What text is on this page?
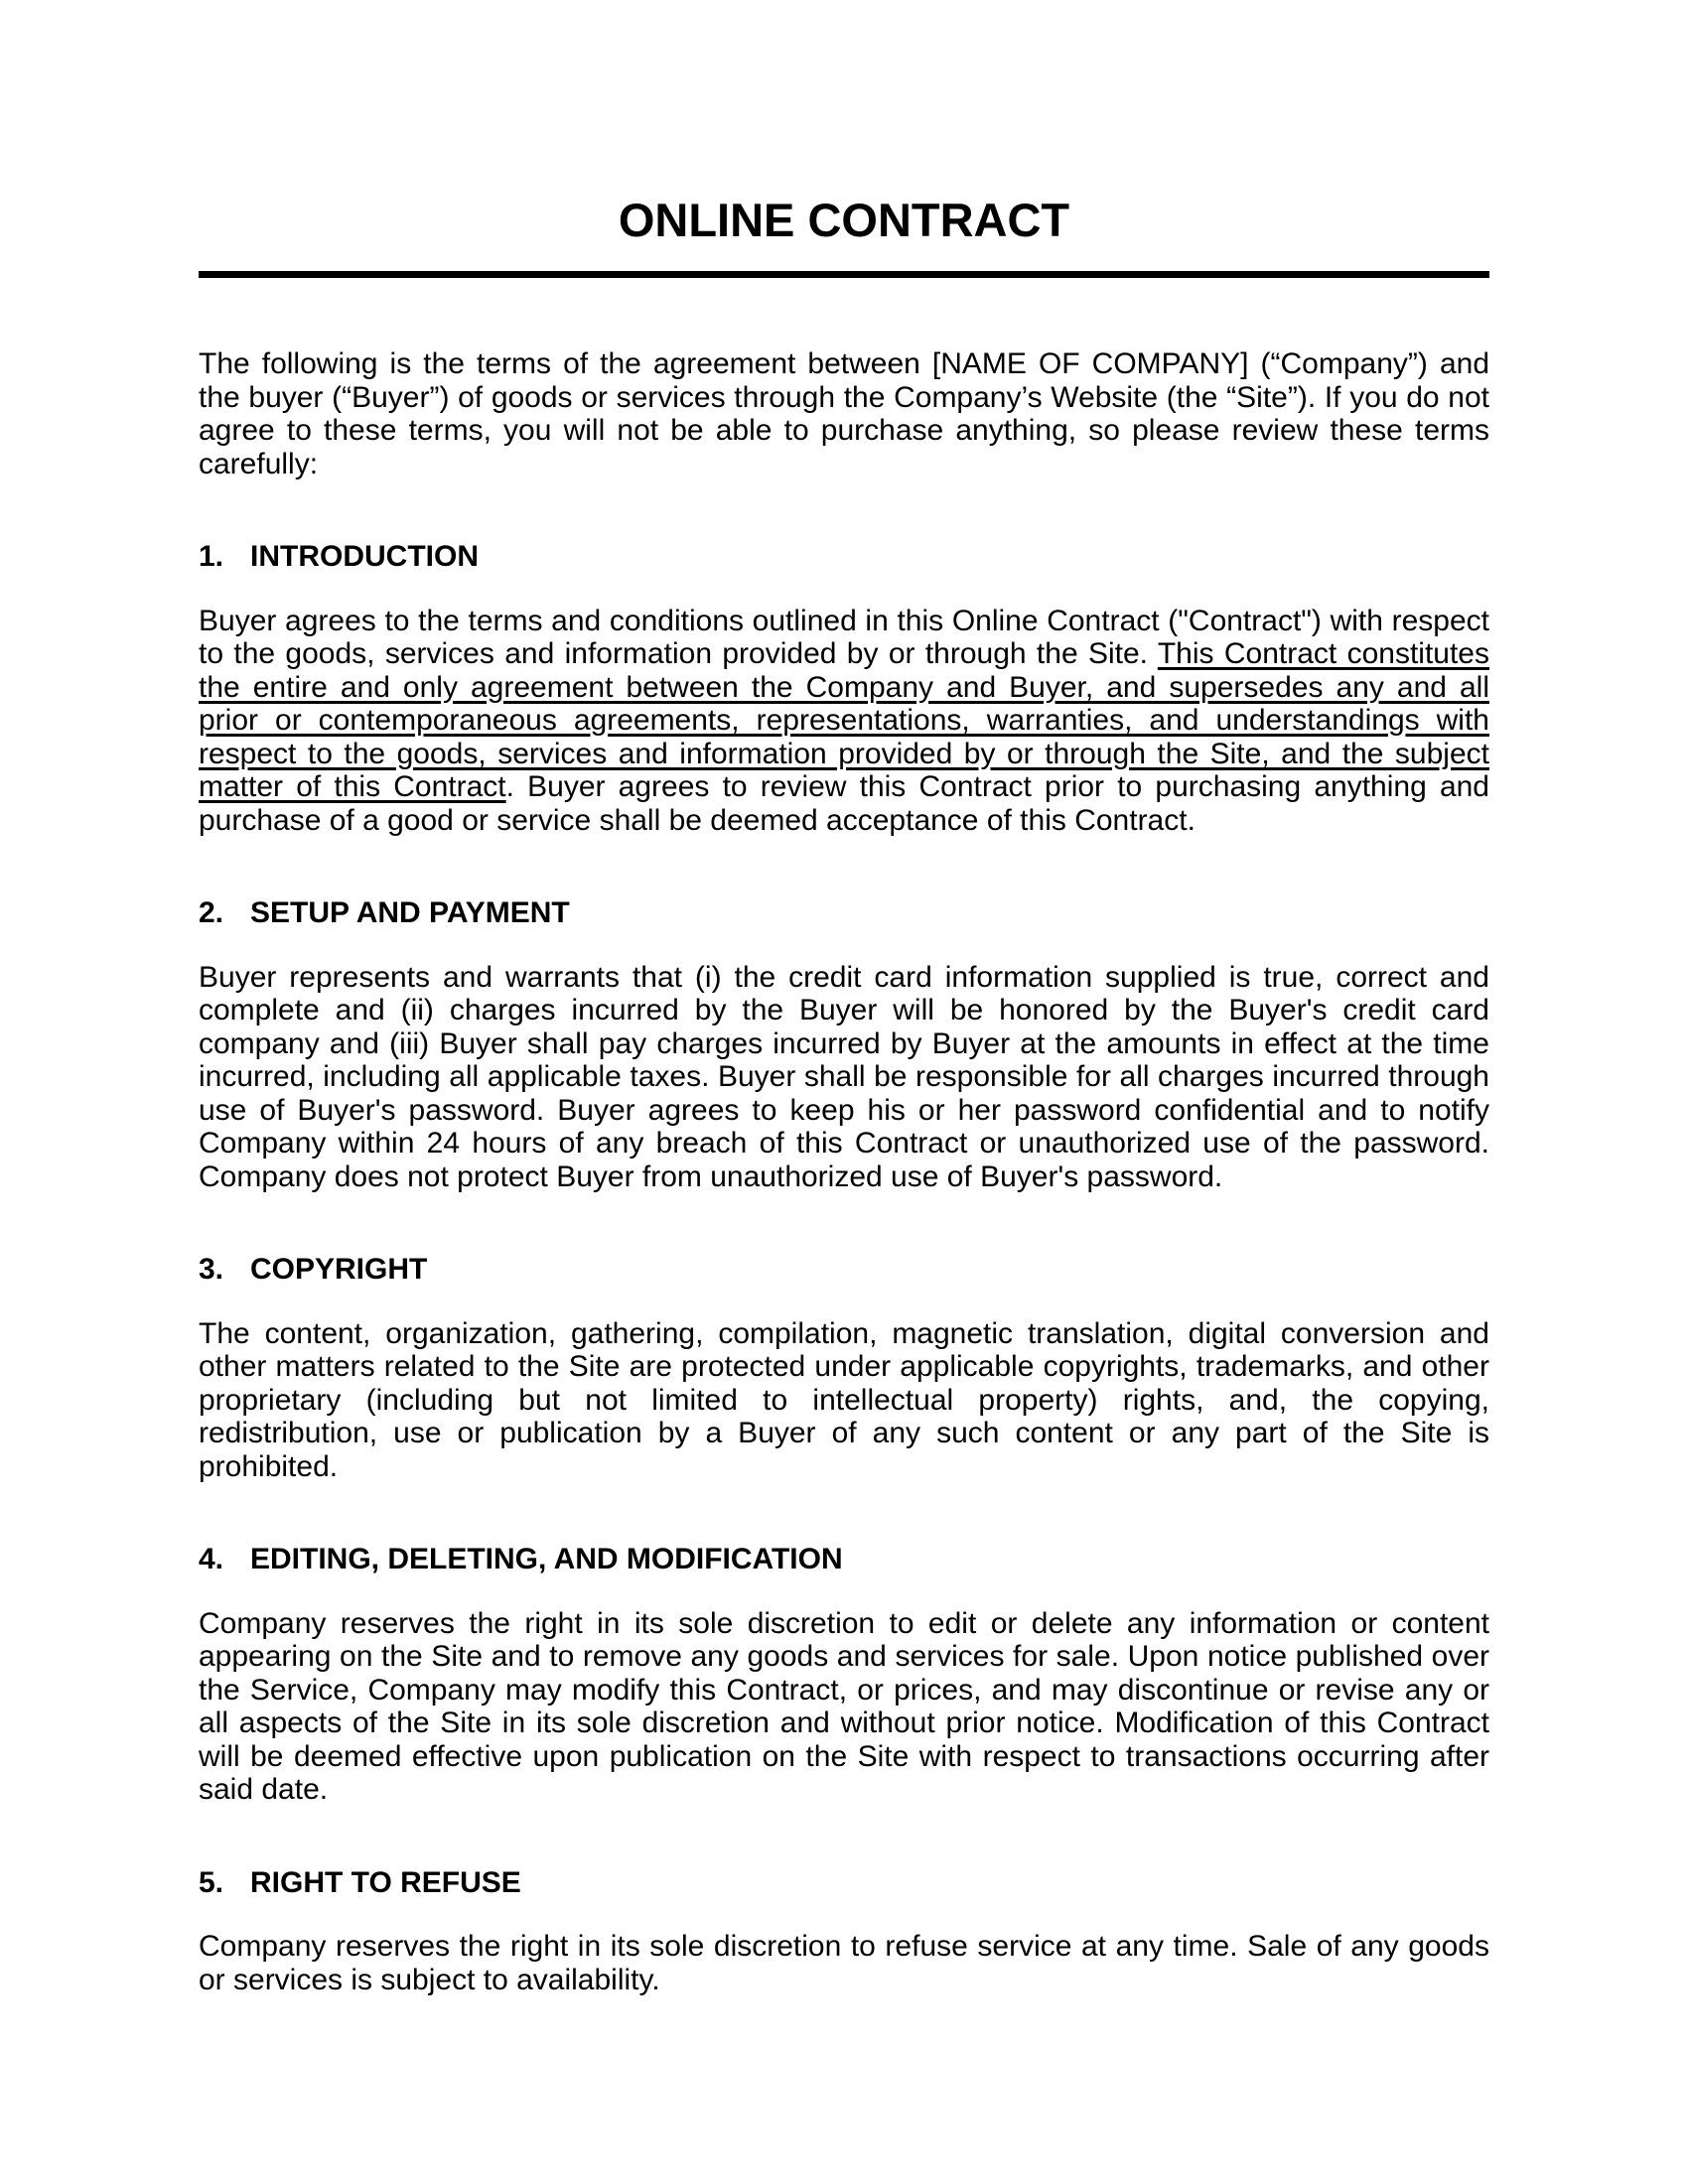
ONLINE CONTRACT

The following is the terms of the agreement between [NAME OF COMPANY] (“Company”) and the buyer (“Buyer”) of goods or services through the Company’s Website (the “Site”). If you do not agree to these terms, you will not be able to purchase anything, so please review these terms carefully:

1. INTRODUCTION

Buyer agrees to the terms and conditions outlined in this Online Contract ("Contract") with respect to the goods, services and information provided by or through the Site. This Contract constitutes the entire and only agreement between the Company and Buyer, and supersedes any and all prior or contemporaneous agreements, representations, warranties, and understandings with respect to the goods, services and information provided by or through the Site, and the subject matter of this Contract. Buyer agrees to review this Contract prior to purchasing anything and purchase of a good or service shall be deemed acceptance of this Contract.

2. SETUP AND PAYMENT

Buyer represents and warrants that (i) the credit card information supplied is true, correct and complete and (ii) charges incurred by the Buyer will be honored by the Buyer's credit card company and (iii) Buyer shall pay charges incurred by Buyer at the amounts in effect at the time incurred, including all applicable taxes. Buyer shall be responsible for all charges incurred through use of Buyer's password. Buyer agrees to keep his or her password confidential and to notify Company within 24 hours of any breach of this Contract or unauthorized use of the password. Company does not protect Buyer from unauthorized use of Buyer's password.

3. COPYRIGHT

The content, organization, gathering, compilation, magnetic translation, digital conversion and other matters related to the Site are protected under applicable copyrights, trademarks, and other proprietary (including but not limited to intellectual property) rights, and, the copying, redistribution, use or publication by a Buyer of any such content or any part of the Site is prohibited.

4. EDITING, DELETING, AND MODIFICATION

Company reserves the right in its sole discretion to edit or delete any information or content appearing on the Site and to remove any goods and services for sale. Upon notice published over the Service, Company may modify this Contract, or prices, and may discontinue or revise any or all aspects of the Site in its sole discretion and without prior notice. Modification of this Contract will be deemed effective upon publication on the Site with respect to transactions occurring after said date.

5. RIGHT TO REFUSE

Company reserves the right in its sole discretion to refuse service at any time. Sale of any goods or services is subject to availability.
